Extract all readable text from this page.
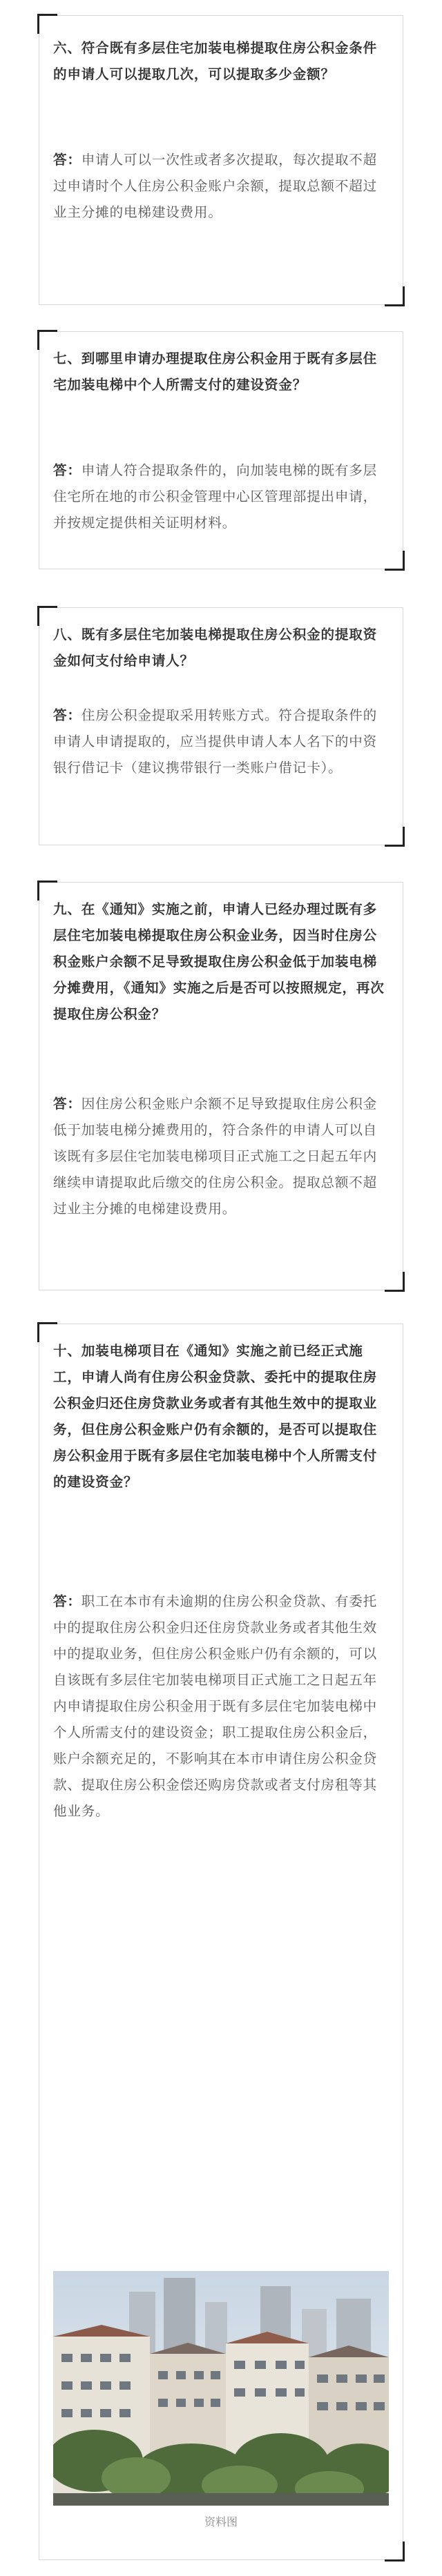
六、符合既有多层住宅加装电梯提取住房公积金条件的申请人可以提取几次，可以提取多少金额？

答：申请人可以一次性或者多次提取，每次提取不超过申请时个人住房公积金账户余额，提取总额不超过业主分摊的电梯建设费用。

七、到哪里申请办理提取住房公积金用于既有多层住宅加装电梯中个人所需支付的建设资金？

答：申请人符合提取条件的，向加装电梯的既有多层住宅所在地的市公积金管理中心区管理部提出申请，并按规定提供相关证明材料。

八、既有多层住宅加装电梯提取住房公积金的提取资金如何支付给申请人？

答：住房公积金提取采用转账方式。符合提取条件的申请人申请提取的，应当提供申请人本人名下的中资银行借记卡（建议携带银行一类账户借记卡）。

九、在《通知》实施之前，申请人已经办理过既有多层住宅加装电梯提取住房公积金业务，因当时住房公积金账户余额不足导致提取住房公积金低于加装电梯分摊费用，《通知》实施之后是否可以按照规定，再次提取住房公积金？

答：因住房公积金账户余额不足导致提取住房公积金低于加装电梯分摊费用的，符合条件的申请人可以自该既有多层住宅加装电梯项目正式施工之日起五年内继续申请提取此后缴交的住房公积金。提取总额不超过业主分摊的电梯建设费用。

十、加装电梯项目在《通知》实施之前已经正式施工，申请人尚有住房公积金贷款、委托中的提取住房公积金归还住房贷款业务或者有其他生效中的提取业务，但住房公积金账户仍有余额的，是否可以提取住房公积金用于既有多层住宅加装电梯中个人所需支付的建设资金？

答：职工在本市有未逾期的住房公积金贷款、有委托中的提取住房公积金归还住房贷款业务或者其他生效中的提取业务，但住房公积金账户仍有余额的，可以自该既有多层住宅加装电梯项目正式施工之日起五年内申请提取住房公积金用于既有多层住宅加装电梯中个人所需支付的建设资金；职工提取住房公积金后，账户余额充足的，不影响其在本市申请住房公积金贷款、提取住房公积金偿还购房贷款或者支付房租等其他业务。

资料图
